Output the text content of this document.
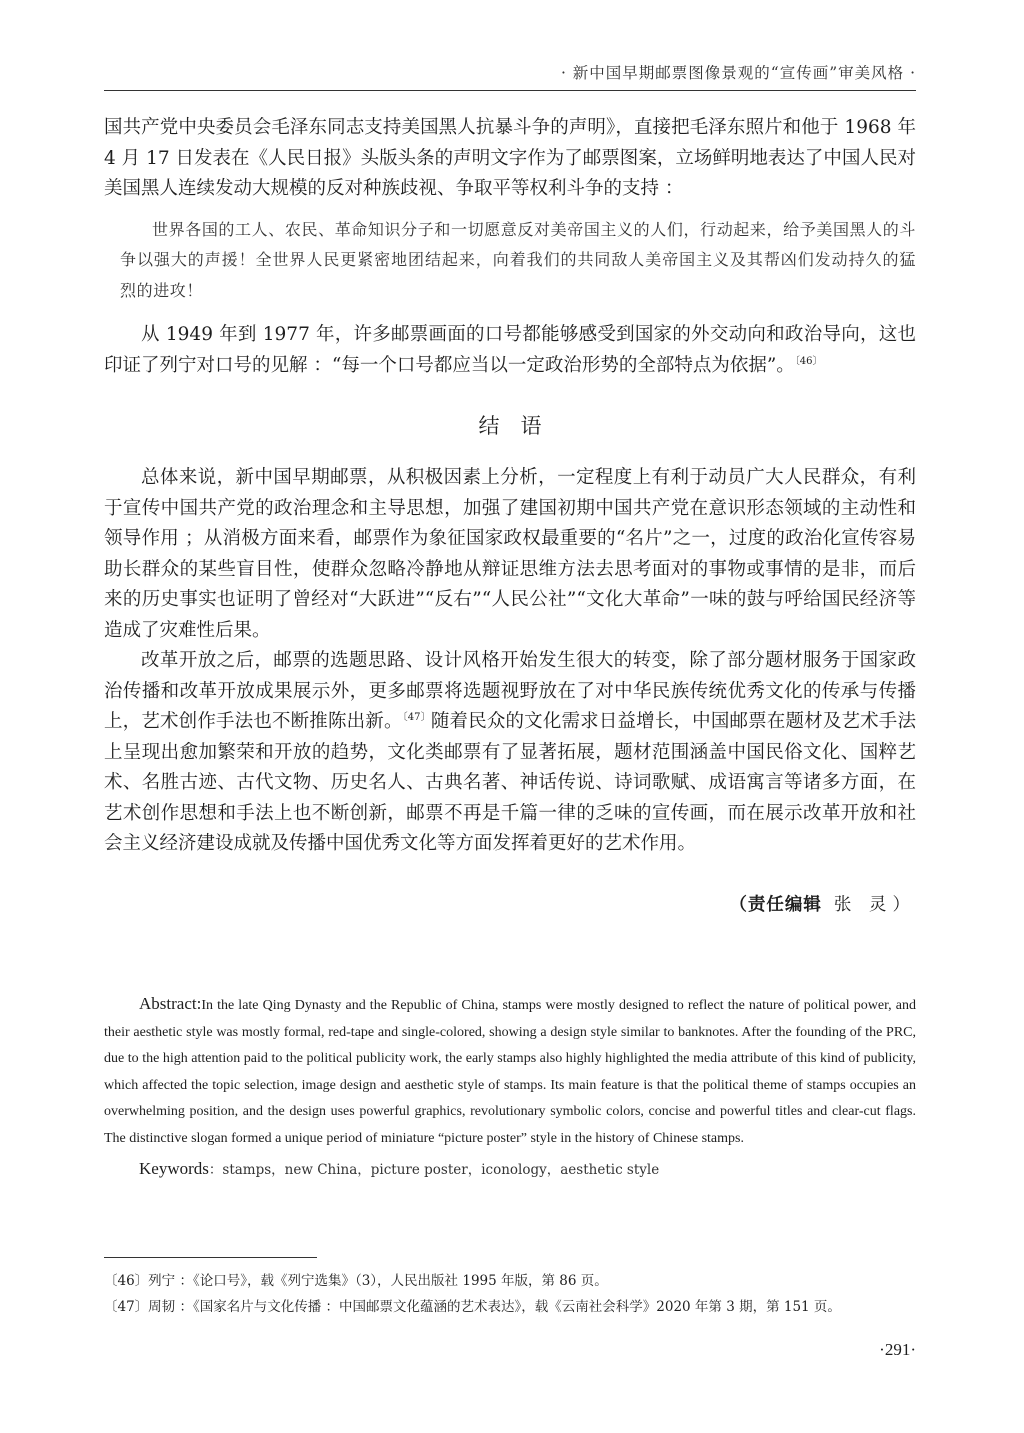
· 新中国早期邮票图像景观的“宣传画”审美风格 ·

国共产党中央委员会毛泽东同志支持美国黑人抗暴斗争的声明》，直接把毛泽东照片和他于 1968 年 4 月 17 日发表在《人民日报》头版头条的声明文字作为了邮票图案，立场鲜明地表达了中国人民对美国黑人连续发动大规模的反对种族歧视、争取平等权利斗争的支持 ：

世界各国的工人、农民、革命知识分子和一切愿意反对美帝国主义的人们，行动起来，给予美国黑人的斗争以强大的声援！全世界人民更紧密地团结起来，向着我们的共同敌人美帝国主义及其帮凶们发动持久的猛烈的进攻！

从 1949 年到 1977 年，许多邮票画面的口号都能够感受到国家的外交动向和政治导向，这也印证了列宁对口号的见解 ：“每一个口号都应当以一定政治形势的全部特点为依据”。$^{〔46〕}$

结语

总体来说，新中国早期邮票，从积极因素上分析，一定程度上有利于动员广大人民群众，有利于宣传中国共产党的政治理念和主导思想，加强了建国初期中国共产党在意识形态领域的主动性和领导作用 ；从消极方面来看，邮票作为象征国家政权最重要的“名片”之一，过度的政治化宣传容易助长群众的某些盲目性，使群众忽略冷静地从辩证思维方法去思考面对的事物或事情的是非，而后来的历史事实也证明了曾经对“大跃进”“反右”“人民公社”“文化大革命”一味的鼓与呼给国民经济等造成了灾难性后果。

改革开放之后，邮票的选题思路、设计风格开始发生很大的转变，除了部分题材服务于国家政治传播和改革开放成果展示外，更多邮票将选题视野放在了对中华民族传统优秀文化的传承与传播上，艺术创作手法也不断推陈出新。$^{〔47〕}$随着民众的文化需求日益增长，中国邮票在题材及艺术手法上呈现出愈加繁荣和开放的趋势，文化类邮票有了显著拓展，题材范围涵盖中国民俗文化、国粹艺术、名胜古迹、古代文物、历史名人、古典名著、神话传说、诗词歌赋、成语寓言等诸多方面，在艺术创作思想和手法上也不断创新，邮票不再是千篇一律的乏味的宣传画，而在展示改革开放和社会主义经济建设成就及传播中国优秀文化等方面发挥着更好的艺术作用。

（责任编辑 张 灵）

Abstract:In the late Qing Dynasty and the Republic of China, stamps were mostly designed to reflect the nature of political power, and their aesthetic style was mostly formal, red-tape and single-colored, showing a design style similar to banknotes. After the founding of the PRC, due to the high attention paid to the political publicity work, the early stamps also highly highlighted the media attribute of this kind of publicity, which affected the topic selection, image design and aesthetic style of stamps. Its main feature is that the political theme of stamps occupies an overwhelming position, and the design uses powerful graphics, revolutionary symbolic colors, concise and powerful titles and clear-cut flags. The distinctive slogan formed a unique period of miniature “picture poster” style in the history of Chinese stamps.

Keywords：stamps，new China，picture poster，iconology，aesthetic style

〔46〕列宁 ：《论口号》，载《列宁选集》（3），人民出版社 1995 年版，第 86 页。

〔47〕周韧 ：《国家名片与文化传播 ：中国邮票文化蕴涵的艺术表达》，载《云南社会科学》2020 年第 3 期，第 151 页。

·291·
